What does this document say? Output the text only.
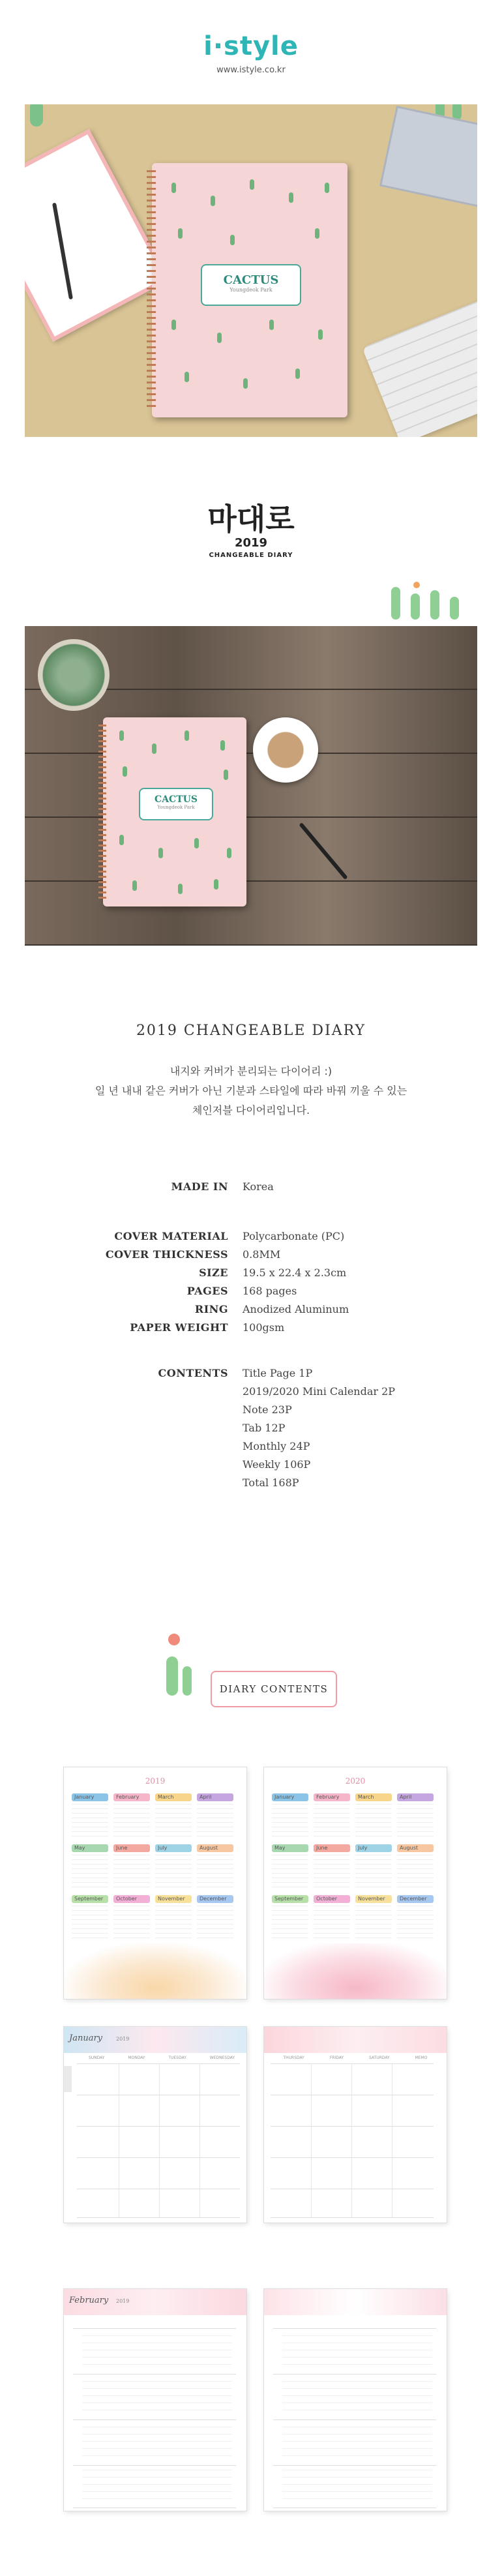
i·style
www.istyle.co.kr
CACTUS
Youngdeok Park
마대로
2019
CHANGEABLE DIARY
CACTUS
Youngdeok Park
2019 CHANGEABLE DIARY
내지와 커버가 분리되는 다이어리 :)
일 년 내내 같은 커버가 아닌 기분과 스타일에 따라 바꿔 끼울 수 있는
체인저블 다이어리입니다.
MADE IN Korea
COVER MATERIAL Polycarbonate (PC)
COVER THICKNESS 0.8MM
SIZE 19.5 x 22.4 x 2.3cm
PAGES 168 pages
RING Anodized Aluminum
PAPER WEIGHT 100gsm
CONTENTS Title Page 1P
2019/2020 Mini Calendar 2P
Note 23P
Tab 12P
Monthly 24P
Weekly 106P
Total 168P
DIARY CONTENTS
2019
January	February	March	April
May	June	July	August
September	October	November	December
2020
January	February	March	April
May	June	July	August
September	October	November	December
January	2019
SUNDAY	MONDAY	TUESDAY	WEDNESDAY	THURSDAY	FRIDAY	SATURDAY	MEMO
February 2019
